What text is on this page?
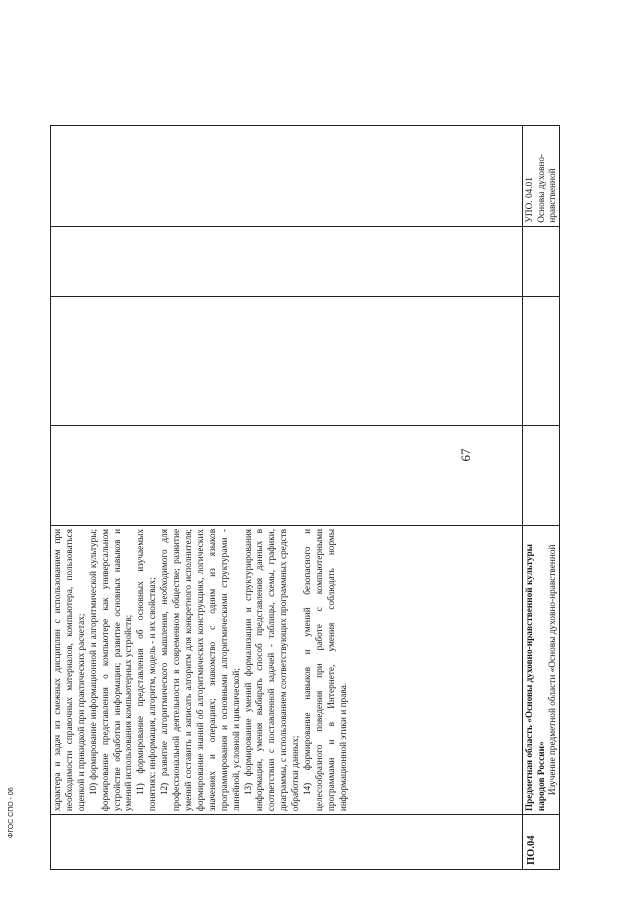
67
ФГОС СПО - 06
ПО.04

характера и задач из смежных дисциплин с использованием при необходимости справочных материалов, компьютера, пользоваться оценкой и прикидкой при практических расчетах; 10) формирование информационной и алгоритмической культуры; формирование представления о компьютере как универсальном устройстве обработки информации; развитие основных навыков и умений использования компьютерных устройств; 11) формирование представления об основных изучаемых понятиях: информация, алгоритм, модель - и их свойствах; 12) развитие алгоритмического мышления, необходимого для профессиональной деятельности в современном обществе; развитие умений составить и записать алгоритм для конкретного исполнителя; формирование знаний об алгоритмических конструкциях, логических значениях и операциях; знакомство с одним из языков программирования и основными алгоритмическими структурами - линейной, условной и циклической; 13) формирование умений формализации и структурирования информации, умения выбирать способ представления данных в соответствии с поставленной задачей - таблицы, схемы, графики, диаграммы, с использованием соответствующих программных средств обработки данных; 14) формирование навыков и умений безопасного и целесообразного поведения при работе с компьютерными программами и в Интернете, умения соблюдать нормы информационной этики и права.	Предметная область «Основы духовно-нравственной культуры народов России» Изучение предметной области «Основы духовно-нравственной
УПО. 04.01 Основы духовно-нравственной
